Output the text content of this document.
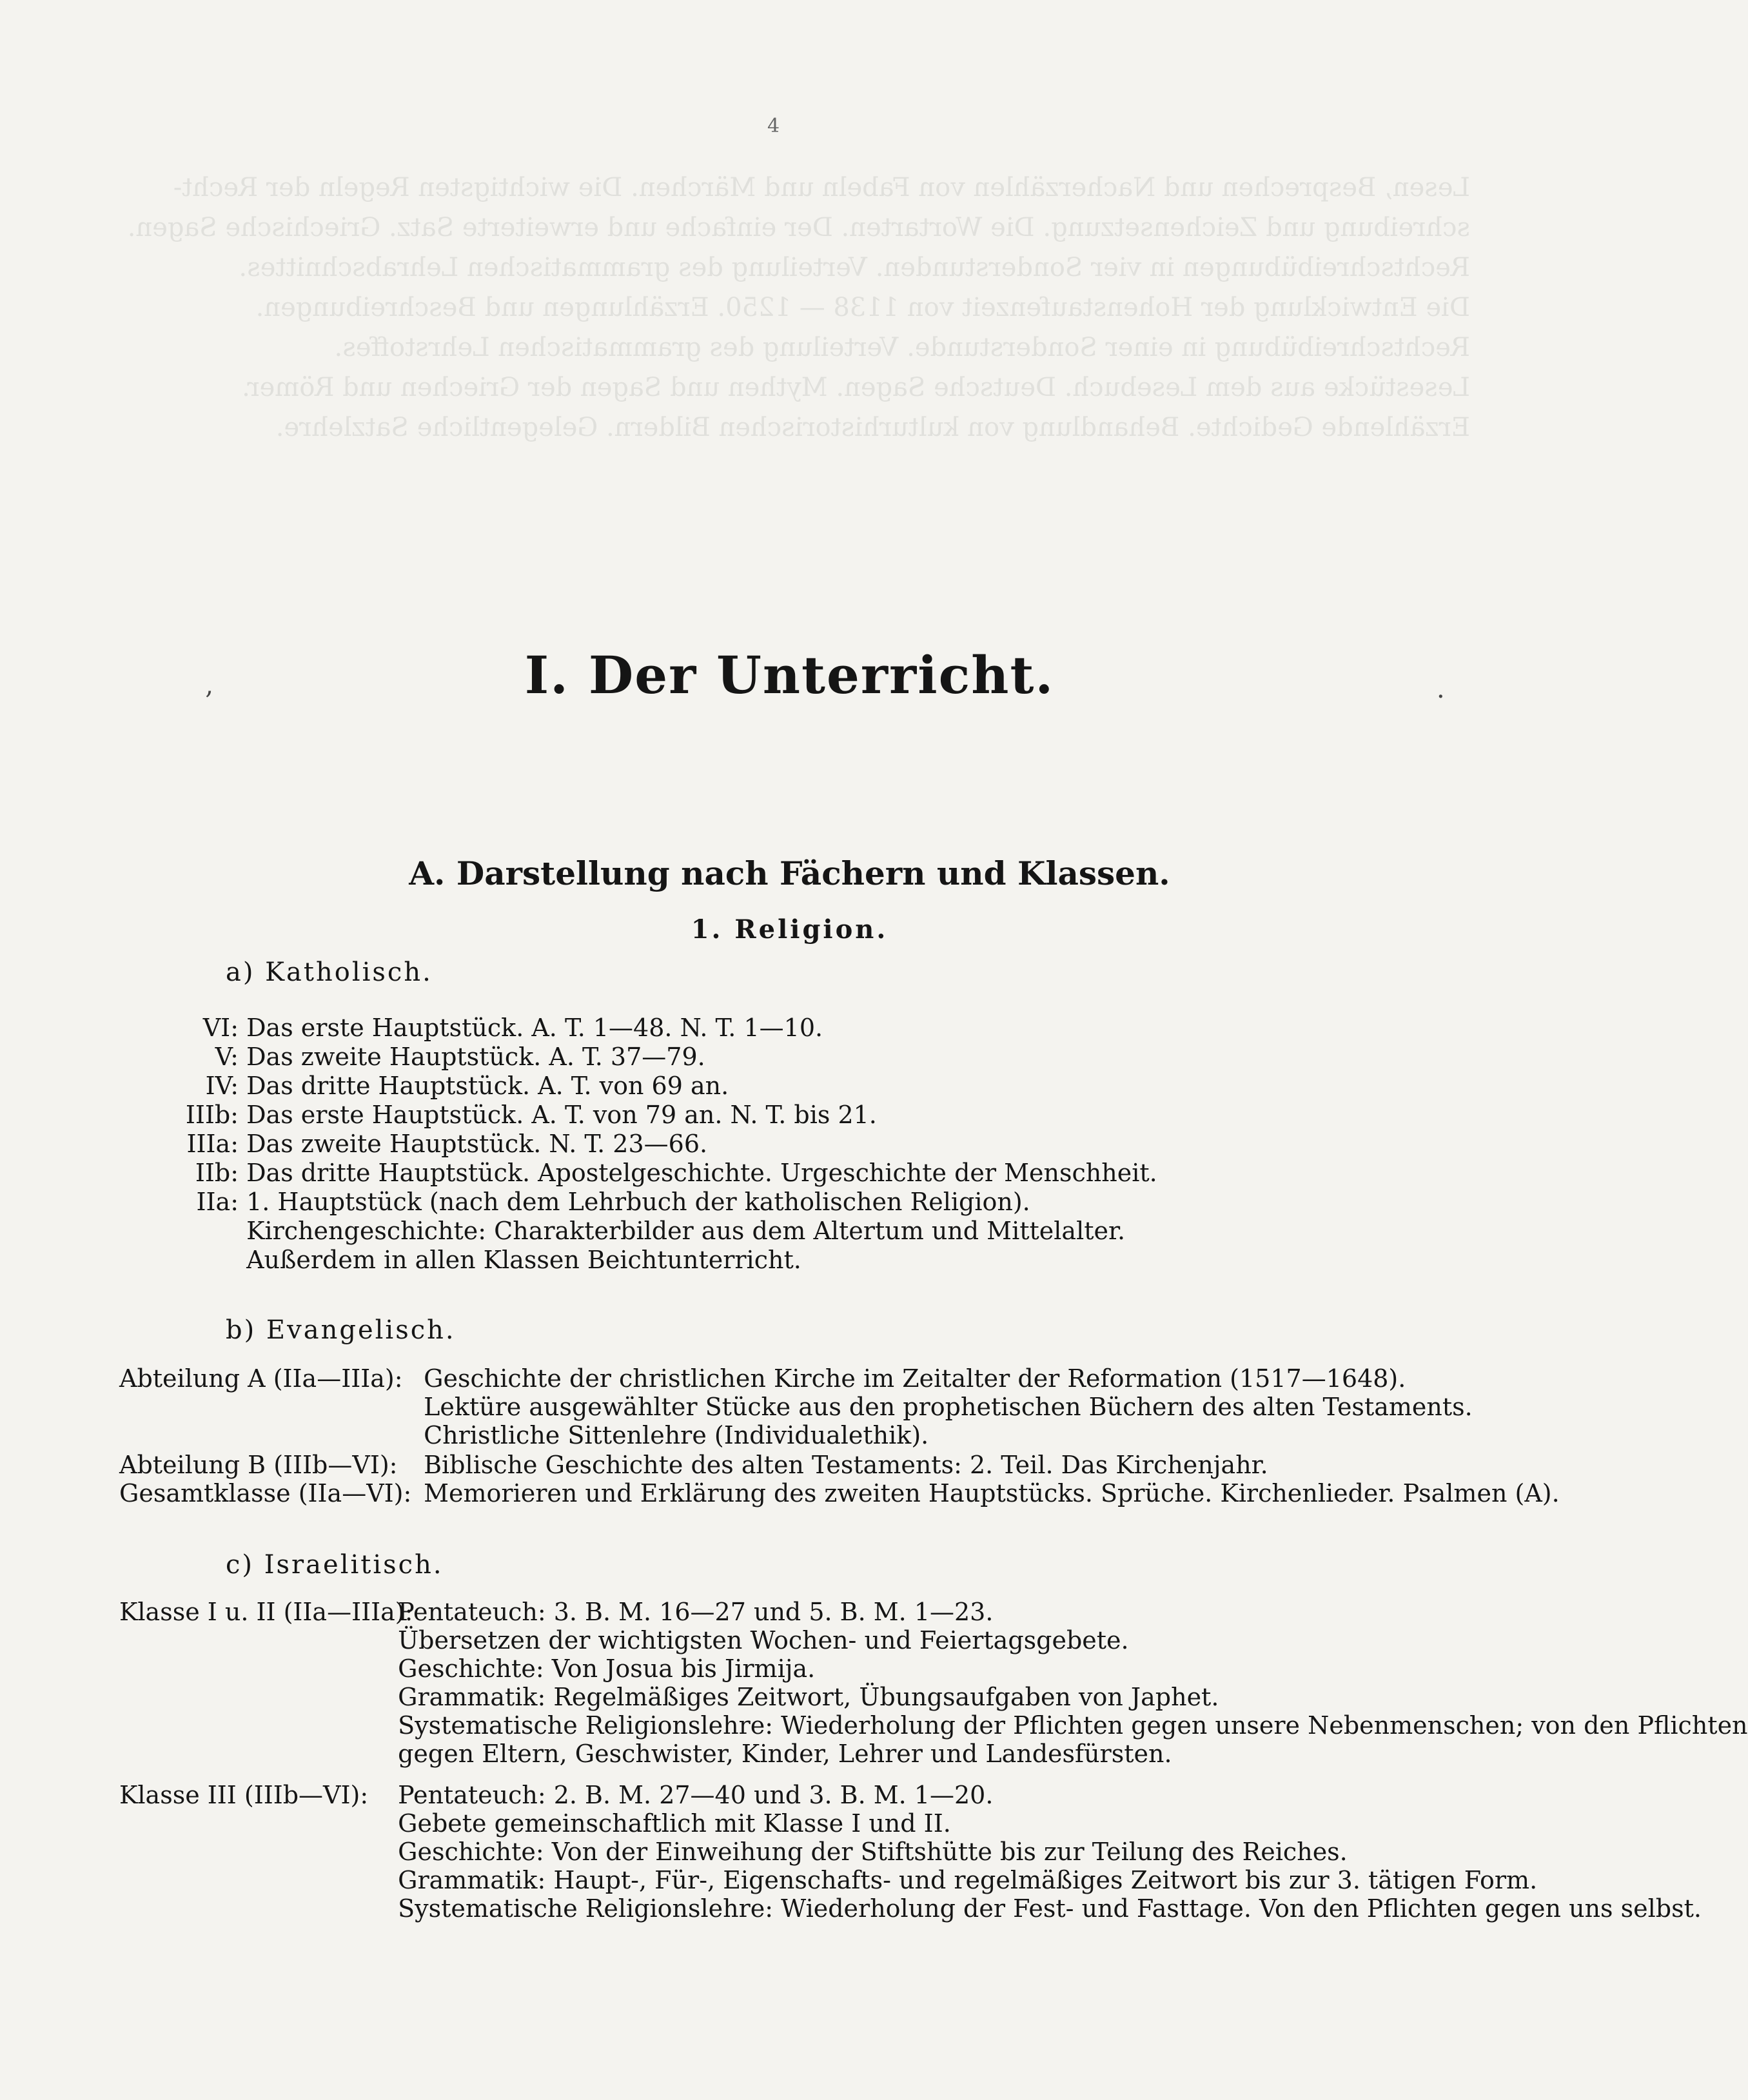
Lesen, Besprechen und Nacherzählen von Fabeln und Märchen. Die wichtigsten Regeln der Recht-
schreibung und Zeichensetzung. Die Wortarten. Der einfache und erweiterte Satz. Griechische Sagen.
Rechtschreibübungen in vier Sonderstunden. Verteilung des grammatischen Lehrabschnittes.
Die Entwicklung der Hohenstaufenzeit von 1138 — 1250. Erzählungen und Beschreibungen.
Rechtschreibübung in einer Sonderstunde. Verteilung des grammatischen Lehrstoffes.
Lesestücke aus dem Lesebuch. Deutsche Sagen. Mythen und Sagen der Griechen und Römer.
Erzählende Gedichte. Behandlung von kulturhistorischen Bildern. Gelegentliche Satzlehre.
4
I. Der Unterricht.
A. Darstellung nach Fächern und Klassen.
1. Religion.
‚	·
a) Katholisch.
VI: Das erste Hauptstück. A. T. 1—48. N. T. 1—10.
V: Das zweite Hauptstück. A. T. 37—79.
IV: Das dritte Hauptstück. A. T. von 69 an.
IIIb: Das erste Hauptstück. A. T. von 79 an. N. T. bis 21.
IIIa: Das zweite Hauptstück. N. T. 23—66.
IIb: Das dritte Hauptstück. Apostelgeschichte. Urgeschichte der Menschheit.
IIa: 1. Hauptstück (nach dem Lehrbuch der katholischen Religion).
Kirchengeschichte: Charakterbilder aus dem Altertum und Mittelalter.
Außerdem in allen Klassen Beichtunterricht.
b) Evangelisch.
Abteilung A (IIa—IIIa): Geschichte der christlichen Kirche im Zeitalter der Reformation (1517—1648).
Lektüre ausgewählter Stücke aus den prophetischen Büchern des alten Testaments.
Christliche Sittenlehre (Individualethik).
Abteilung B (IIIb—VI): Biblische Geschichte des alten Testaments: 2. Teil. Das Kirchenjahr.
Gesamtklasse (IIa—VI): Memorieren und Erklärung des zweiten Hauptstücks. Sprüche. Kirchenlieder. Psalmen (A).
c) Israelitisch.
Klasse I u. II (IIa—IIIa): Pentateuch: 3. B. M. 16—27 und 5. B. M. 1—23.
Übersetzen der wichtigsten Wochen- und Feiertagsgebete.
Geschichte: Von Josua bis Jirmija.
Grammatik: Regelmäßiges Zeitwort, Übungsaufgaben von Japhet.
Systematische Religionslehre: Wiederholung der Pflichten gegen unsere Nebenmenschen; von den Pflichten
gegen Eltern, Geschwister, Kinder, Lehrer und Landesfürsten.
Klasse III (IIIb—VI): Pentateuch: 2. B. M. 27—40 und 3. B. M. 1—20.
Gebete gemeinschaftlich mit Klasse I und II.
Geschichte: Von der Einweihung der Stiftshütte bis zur Teilung des Reiches.
Grammatik: Haupt-, Für-, Eigenschafts- und regelmäßiges Zeitwort bis zur 3. tätigen Form.
Systematische Religionslehre: Wiederholung der Fest- und Fasttage. Von den Pflichten gegen uns selbst.
